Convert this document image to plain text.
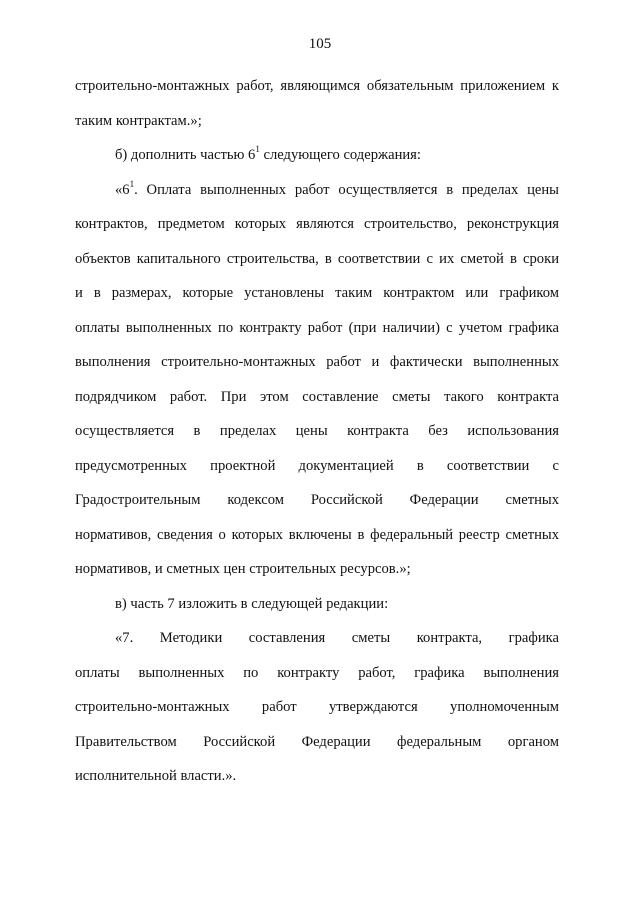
105
строительно-монтажных работ, являющимся обязательным приложением к
таким контрактам.»;
б) дополнить частью $6^1$ следующего содержания:
«$6^1$. Оплата выполненных работ осуществляется в пределах цены
контрактов, предметом которых являются строительство, реконструкция
объектов капитального строительства, в соответствии с их сметой в сроки
и в размерах, которые установлены таким контрактом или графиком
оплаты выполненных по контракту работ (при наличии) с учетом графика
выполнения строительно-монтажных работ и фактически выполненных
подрядчиком работ. При этом составление сметы такого контракта
осуществляется в пределах цены контракта без использования
предусмотренных проектной документацией в соответствии с
Градостроительным кодексом Российской Федерации сметных
нормативов, сведения о которых включены в федеральный реестр сметных
нормативов, и сметных цен строительных ресурсов.»;
в) часть 7 изложить в следующей редакции:
«7. Методики составления сметы контракта, графика
оплаты выполненных по контракту работ, графика выполнения
строительно-монтажных работ утверждаются уполномоченным
Правительством Российской Федерации федеральным органом
исполнительной власти.».
